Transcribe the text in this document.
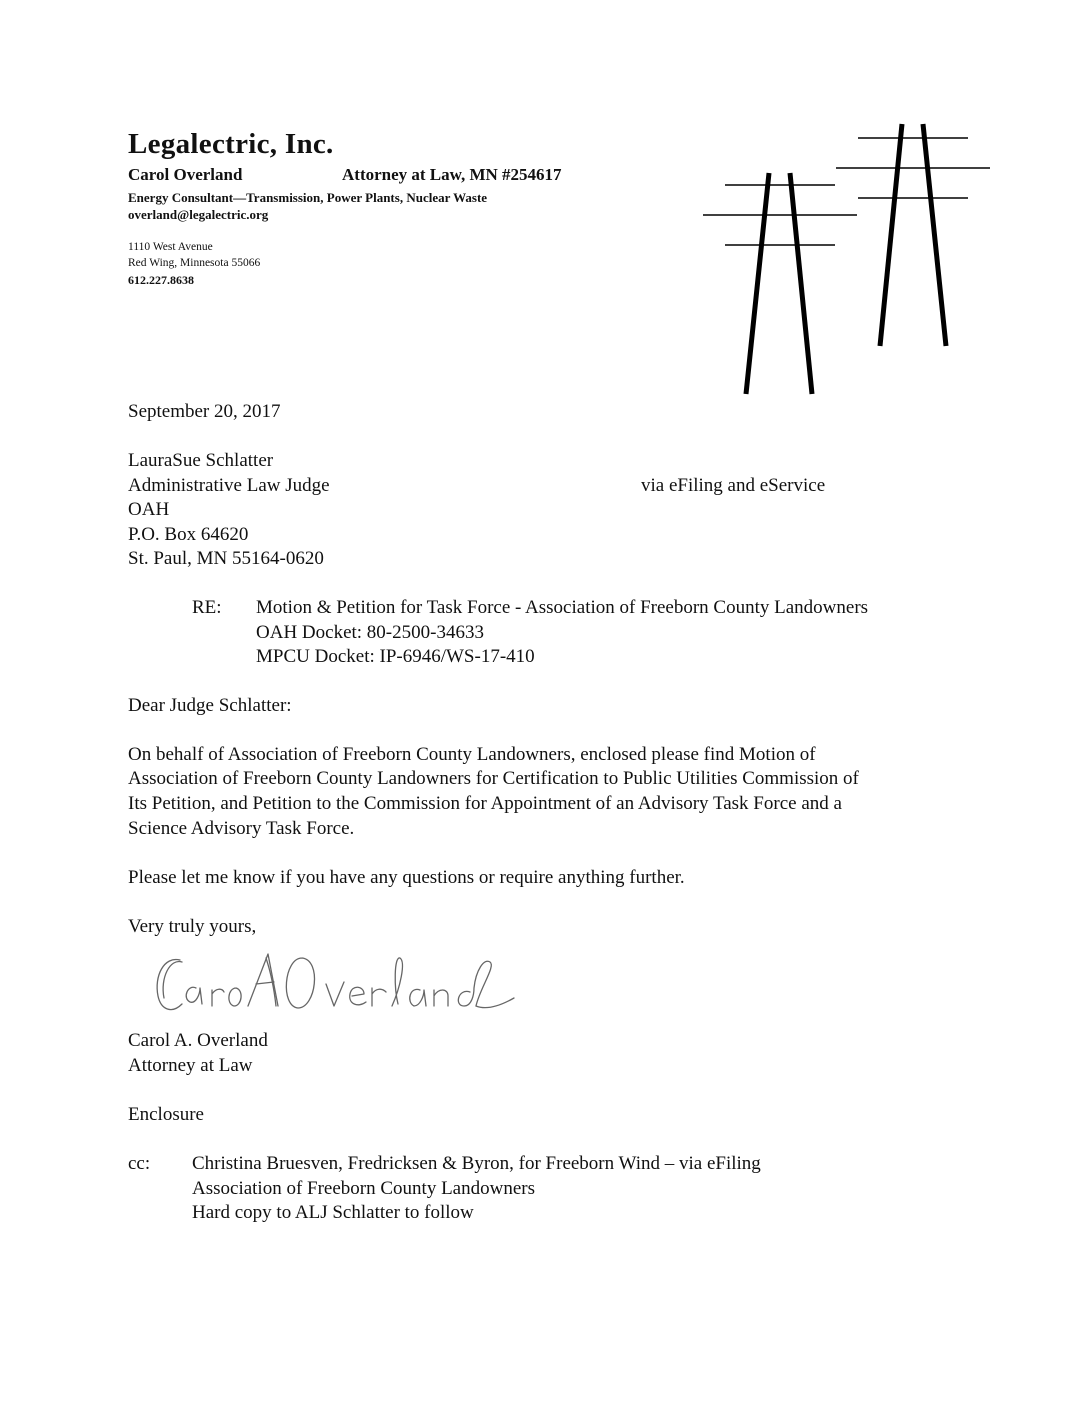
Legalectric, Inc.
Carol Overland	Attorney at Law, MN #254617
Energy Consultant—Transmission, Power Plants, Nuclear Waste
overland@legalectric.org
1110 West Avenue
Red Wing, Minnesota 55066
612.227.8638
September 20, 2017
LauraSue Schlatter
Administrative Law Judge	via eFiling and eService
OAH
P.O. Box 64620
St. Paul, MN 55164-0620
RE: Motion & Petition for Task Force - Association of Freeborn County Landowners
OAH Docket: 80-2500-34633
MPCU Docket: IP-6946/WS-17-410
Dear Judge Schlatter:
On behalf of Association of Freeborn County Landowners, enclosed please find Motion of
Association of Freeborn County Landowners for Certification to Public Utilities Commission of
Its Petition, and Petition to the Commission for Appointment of an Advisory Task Force and a
Science Advisory Task Force.
Please let me know if you have any questions or require anything further.
Very truly yours,
Carol A. Overland
Attorney at Law
Enclosure
cc: Christina Bruesven, Fredricksen & Byron, for Freeborn Wind – via eFiling
Association of Freeborn County Landowners
Hard copy to ALJ Schlatter to follow
